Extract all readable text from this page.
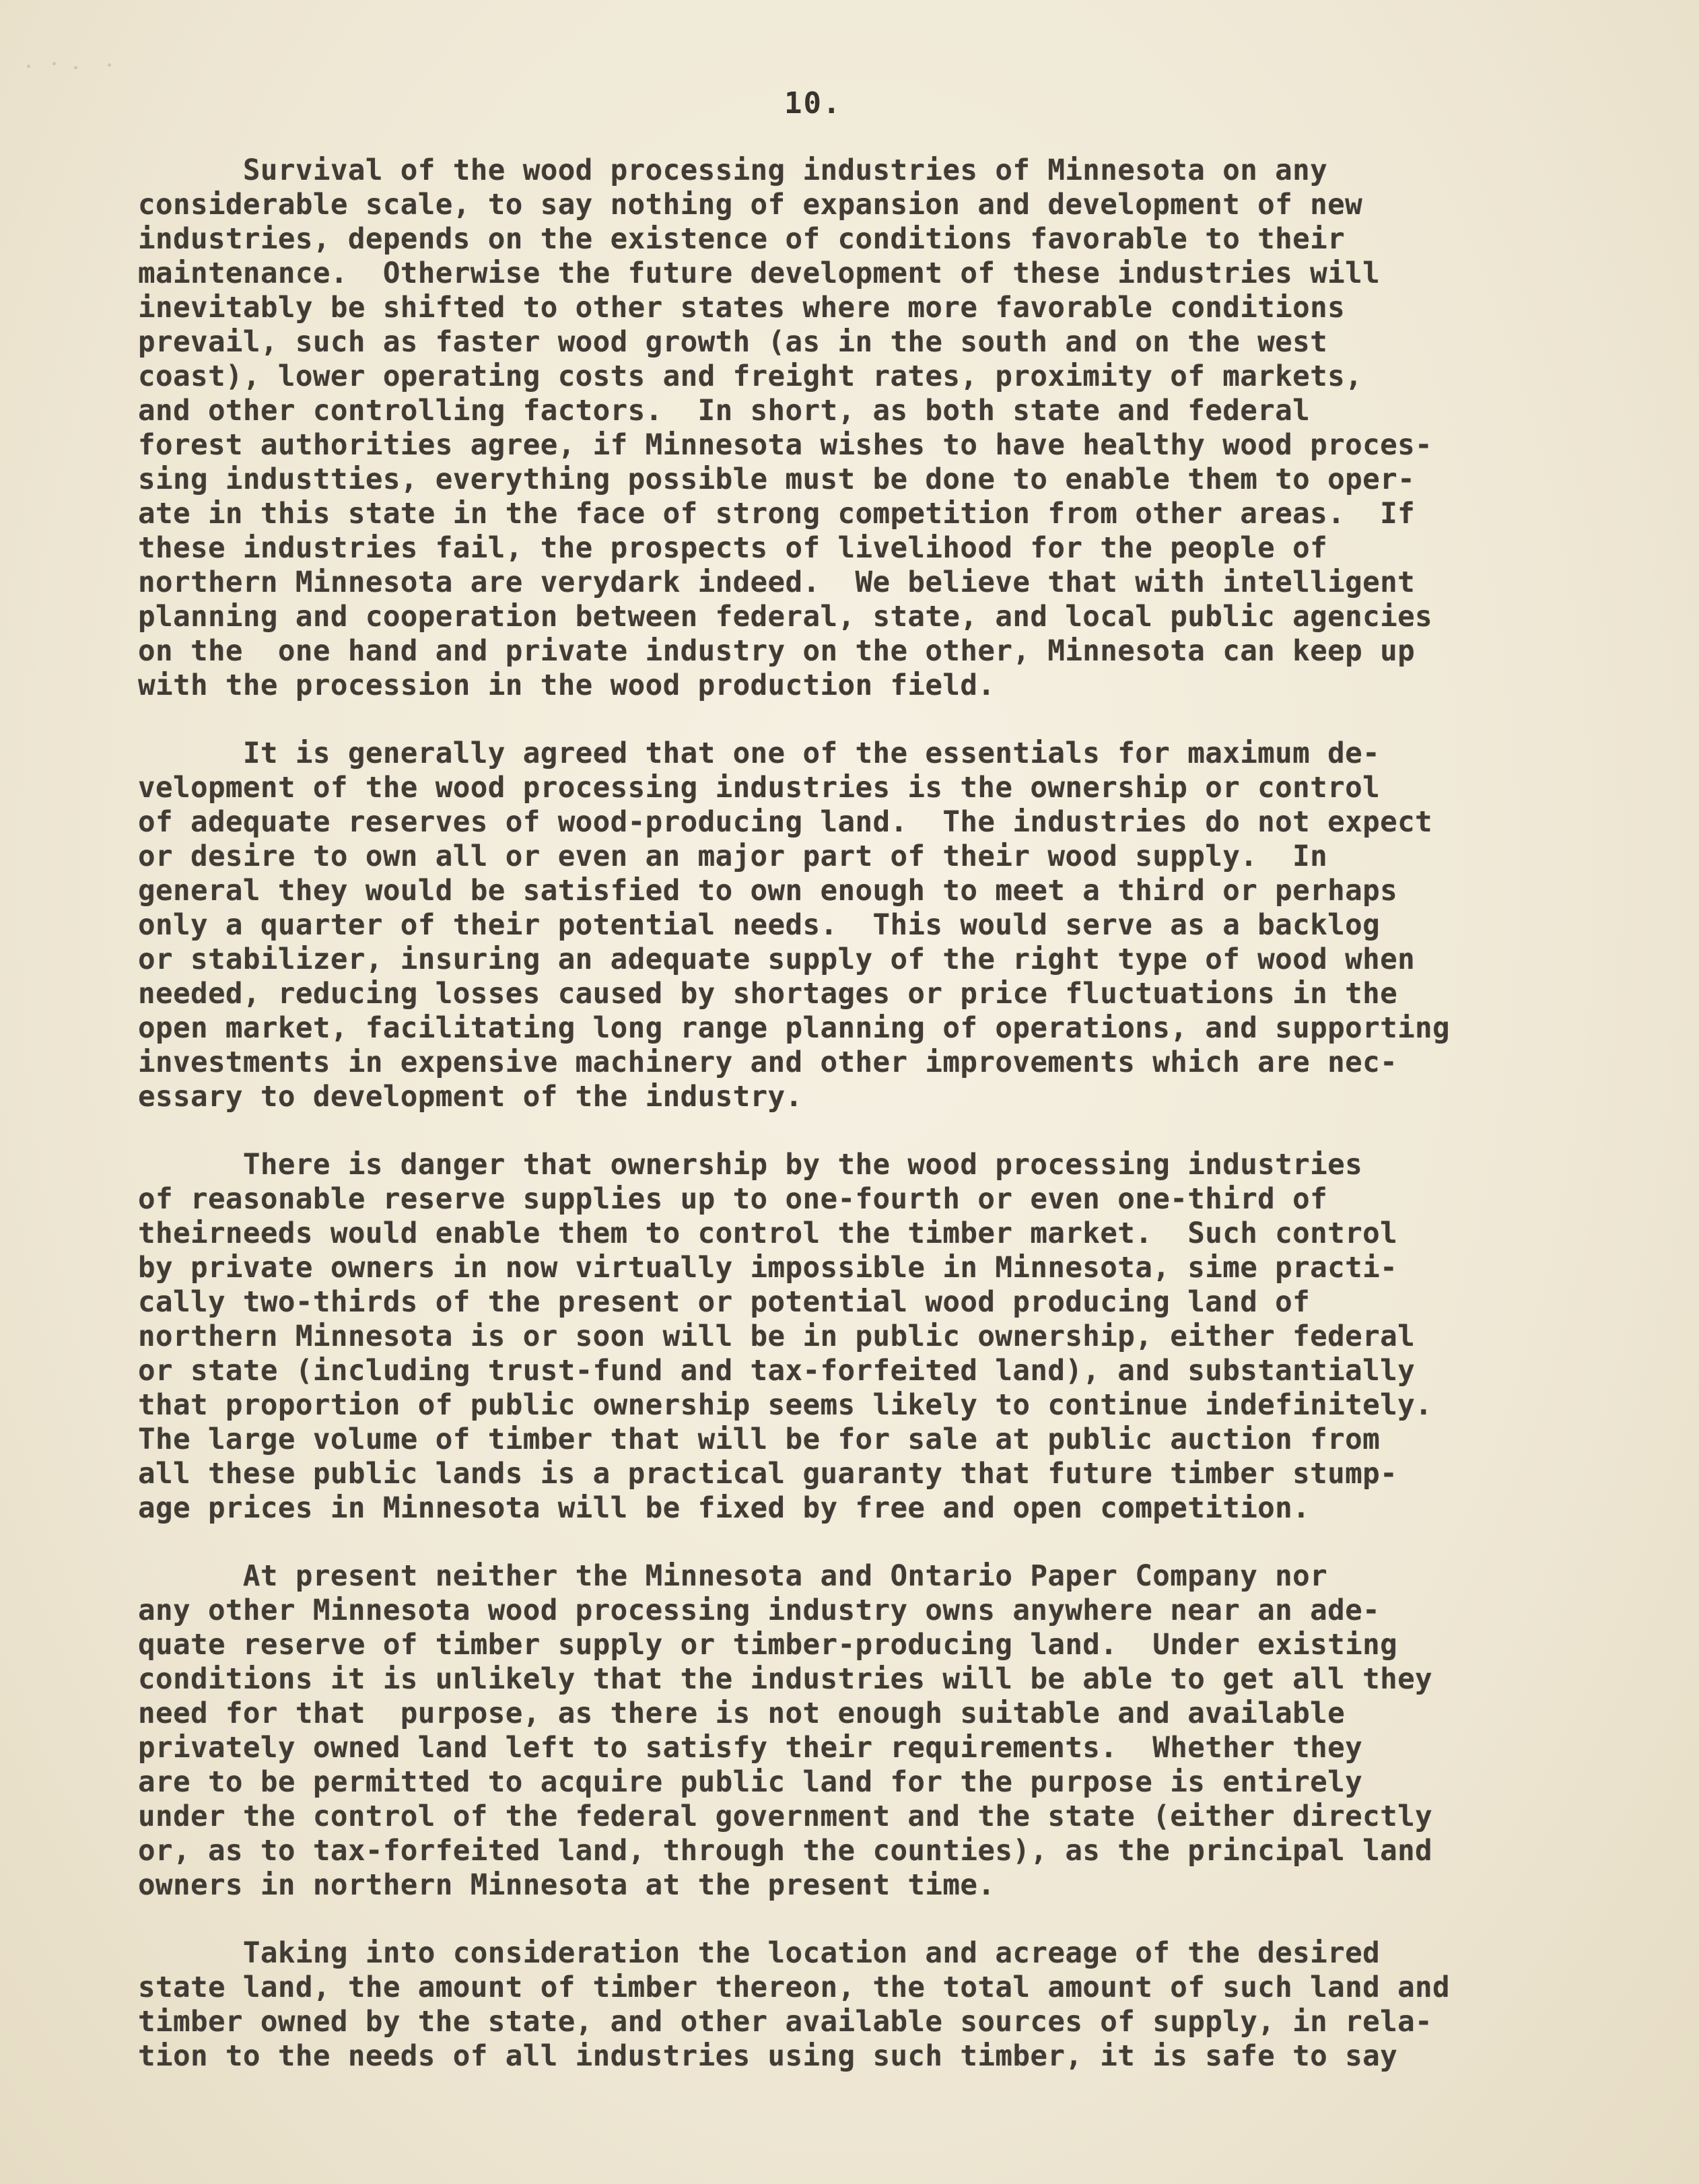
10.
Survival of the wood processing industries of Minnesota on any
considerable scale, to say nothing of expansion and development of new
industries, depends on the existence of conditions favorable to their
maintenance.  Otherwise the future development of these industries will
inevitably be shifted to other states where more favorable conditions
prevail, such as faster wood growth (as in the south and on the west
coast), lower operating costs and freight rates, proximity of markets,
and other controlling factors.  In short, as both state and federal
forest authorities agree, if Minnesota wishes to have healthy wood proces-
sing industties, everything possible must be done to enable them to oper-
ate in this state in the face of strong competition from other areas.  If
these industries fail, the prospects of livelihood for the people of
northern Minnesota are verydark indeed.  We believe that with intelligent
planning and cooperation between federal, state, and local public agencies
on the  one hand and private industry on the other, Minnesota can keep up
with the procession in the wood production field.
It is generally agreed that one of the essentials for maximum de-
velopment of the wood processing industries is the ownership or control
of adequate reserves of wood-producing land.  The industries do not expect
or desire to own all or even an major part of their wood supply.  In
general they would be satisfied to own enough to meet a third or perhaps
only a quarter of their potential needs.  This would serve as a backlog
or stabilizer, insuring an adequate supply of the right type of wood when
needed, reducing losses caused by shortages or price fluctuations in the
open market, facilitating long range planning of operations, and supporting
investments in expensive machinery and other improvements which are nec-
essary to development of the industry.
There is danger that ownership by the wood processing industries
of reasonable reserve supplies up to one-fourth or even one-third of
theirneeds would enable them to control the timber market.  Such control
by private owners in now virtually impossible in Minnesota, sime practi-
cally two-thirds of the present or potential wood producing land of
northern Minnesota is or soon will be in public ownership, either federal
or state (including trust-fund and tax-forfeited land), and substantially
that proportion of public ownership seems likely to continue indefinitely.
The large volume of timber that will be for sale at public auction from
all these public lands is a practical guaranty that future timber stump-
age prices in Minnesota will be fixed by free and open competition.
At present neither the Minnesota and Ontario Paper Company nor
any other Minnesota wood processing industry owns anywhere near an ade-
quate reserve of timber supply or timber-producing land.  Under existing
conditions it is unlikely that the industries will be able to get all they
need for that  purpose, as there is not enough suitable and available
privately owned land left to satisfy their requirements.  Whether they
are to be permitted to acquire public land for the purpose is entirely
under the control of the federal government and the state (either directly
or, as to tax-forfeited land, through the counties), as the principal land
owners in northern Minnesota at the present time.
Taking into consideration the location and acreage of the desired
state land, the amount of timber thereon, the total amount of such land and
timber owned by the state, and other available sources of supply, in rela-
tion to the needs of all industries using such timber, it is safe to say
